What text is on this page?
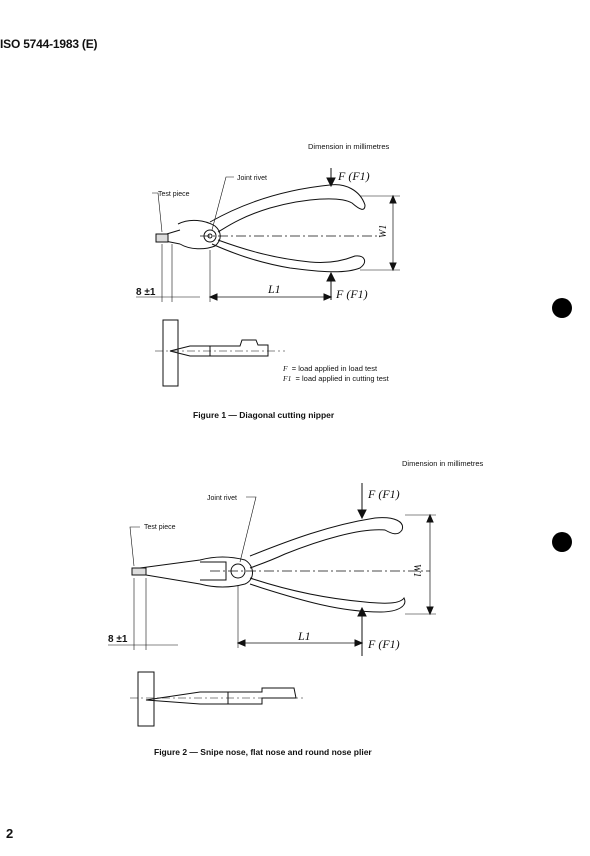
ISO 5744-1983 (E)
Dimension in millimetres
Test piece
Joint rivet	F (F1)
F (F1)
W1
L1
8 ±1
F = load applied in load test
F1 = load applied in cutting test
Figure 1 — Diagonal cutting nipper
Dimension in millimetres
Test piece
Joint rivet	F (F1)
F (F1)
W1
L1
8 ±1
Figure 2 — Snipe nose, flat nose and round nose plier
2
